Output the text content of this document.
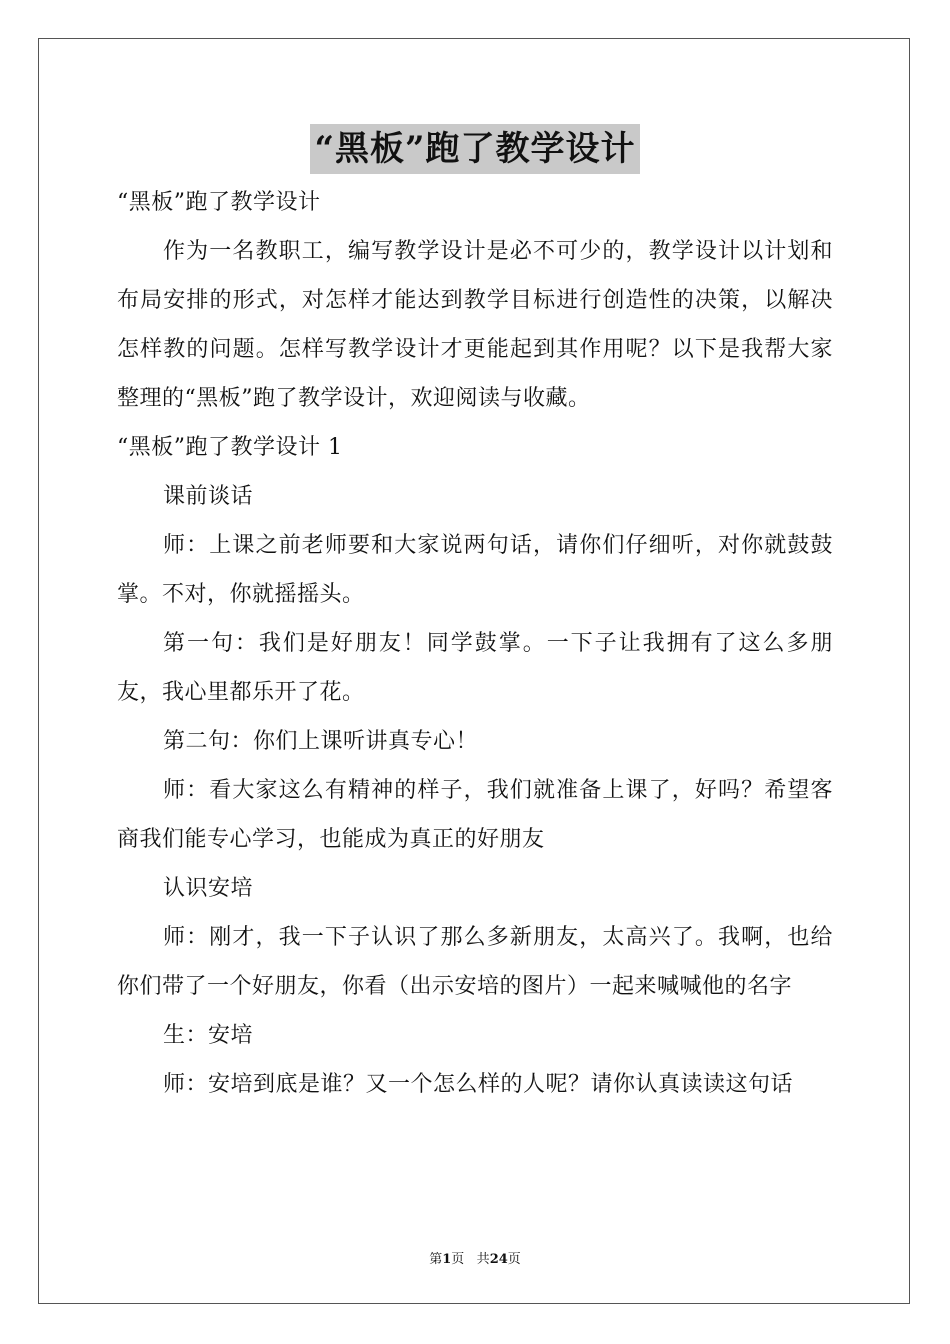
“黑板”跑了教学设计
“黑板”跑了教学设计
作为一名教职工，编写教学设计是必不可少的，教学设计以计划和布局安排的形式，对怎样才能达到教学目标进行创造性的决策，以解决怎样教的问题。怎样写教学设计才更能起到其作用呢？以下是我帮大家整理的“黑板”跑了教学设计，欢迎阅读与收藏。
“黑板”跑了教学设计 1
课前谈话
师：上课之前老师要和大家说两句话，请你们仔细听，对你就鼓鼓掌。不对，你就摇摇头。
第一句：我们是好朋友！同学鼓掌。一下子让我拥有了这么多朋友，我心里都乐开了花。
第二句：你们上课听讲真专心！
师：看大家这么有精神的样子，我们就准备上课了，好吗？希望客商我们能专心学习，也能成为真正的好朋友
认识安培
师：刚才，我一下子认识了那么多新朋友，太高兴了。我啊，也给你们带了一个好朋友，你看（出示安培的图片）一起来喊喊他的名字
生：安培
师：安培到底是谁？又一个怎么样的人呢？请你认真读读这句话
第1页 共24页
